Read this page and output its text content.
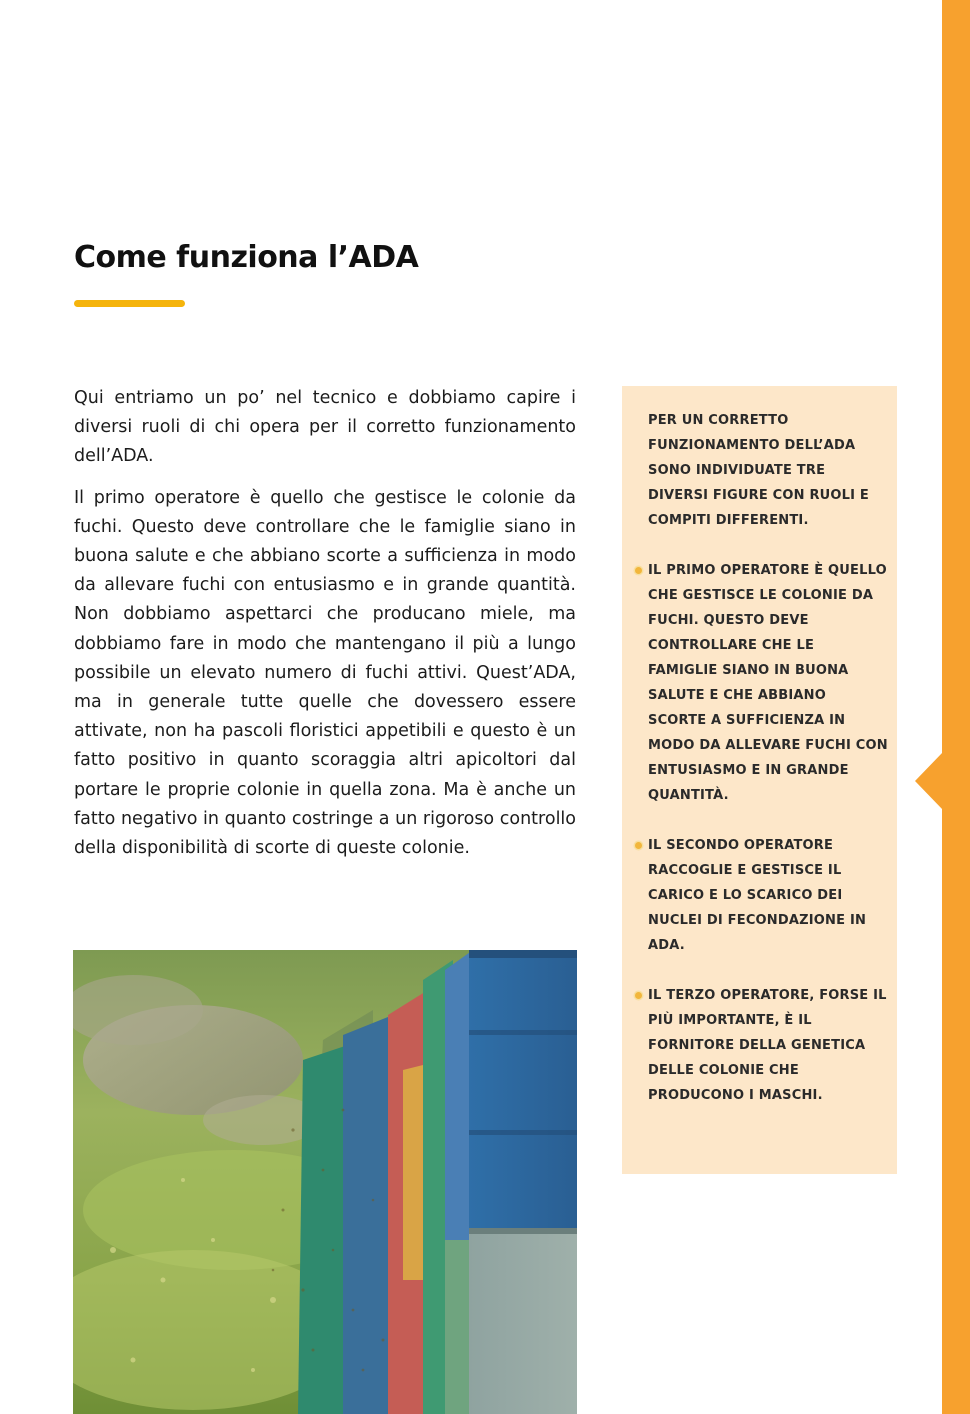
Come funziona l’ADA

Qui entriamo un po’ nel tecnico e dobbiamo capire i diversi ruoli di chi opera per il corretto funzionamento dell’ADA.

Il primo operatore è quello che gestisce le colonie da fuchi. Questo deve controllare che le famiglie siano in buona salute e che abbiano scorte a sufficienza in modo da allevare fuchi con entusiasmo e in grande quantità. Non dobbiamo aspettarci che producano miele, ma dobbiamo fare in modo che mantengano il più a lungo possibile un elevato numero di fuchi attivi. Quest’ADA, ma in generale tutte quelle che dovessero essere attivate, non ha pascoli floristici appetibili e questo è un fatto positivo in quanto scoraggia altri apicoltori dal portare le proprie colonie in quella zona. Ma è anche un fatto negativo in quanto costringe a un rigoroso controllo della disponibilità di scorte di queste colonie.

PER UN CORRETTO FUNZIONAMENTO DELL’ADA SONO INDIVIDUATE TRE DIVERSI FIGURE CON RUOLI E COMPITI DIFFERENTI.
IL PRIMO OPERATORE È QUELLO CHE GESTISCE LE COLONIE DA FUCHI. QUESTO DEVE CONTROLLARE CHE LE FAMIGLIE SIANO IN BUONA SALUTE E CHE ABBIANO SCORTE A SUFFICIENZA IN MODO DA ALLEVARE FUCHI CON ENTUSIASMO E IN GRANDE QUANTITÀ.
IL SECONDO OPERATORE RACCOGLIE E GESTISCE IL CARICO E LO SCARICO DEI NUCLEI DI FECONDAZIONE IN ADA.
IL TERZO OPERATORE, FORSE IL PIÙ IMPORTANTE, È IL FORNITORE DELLA GENETICA DELLE COLONIE CHE PRODUCONO I MASCHI.
